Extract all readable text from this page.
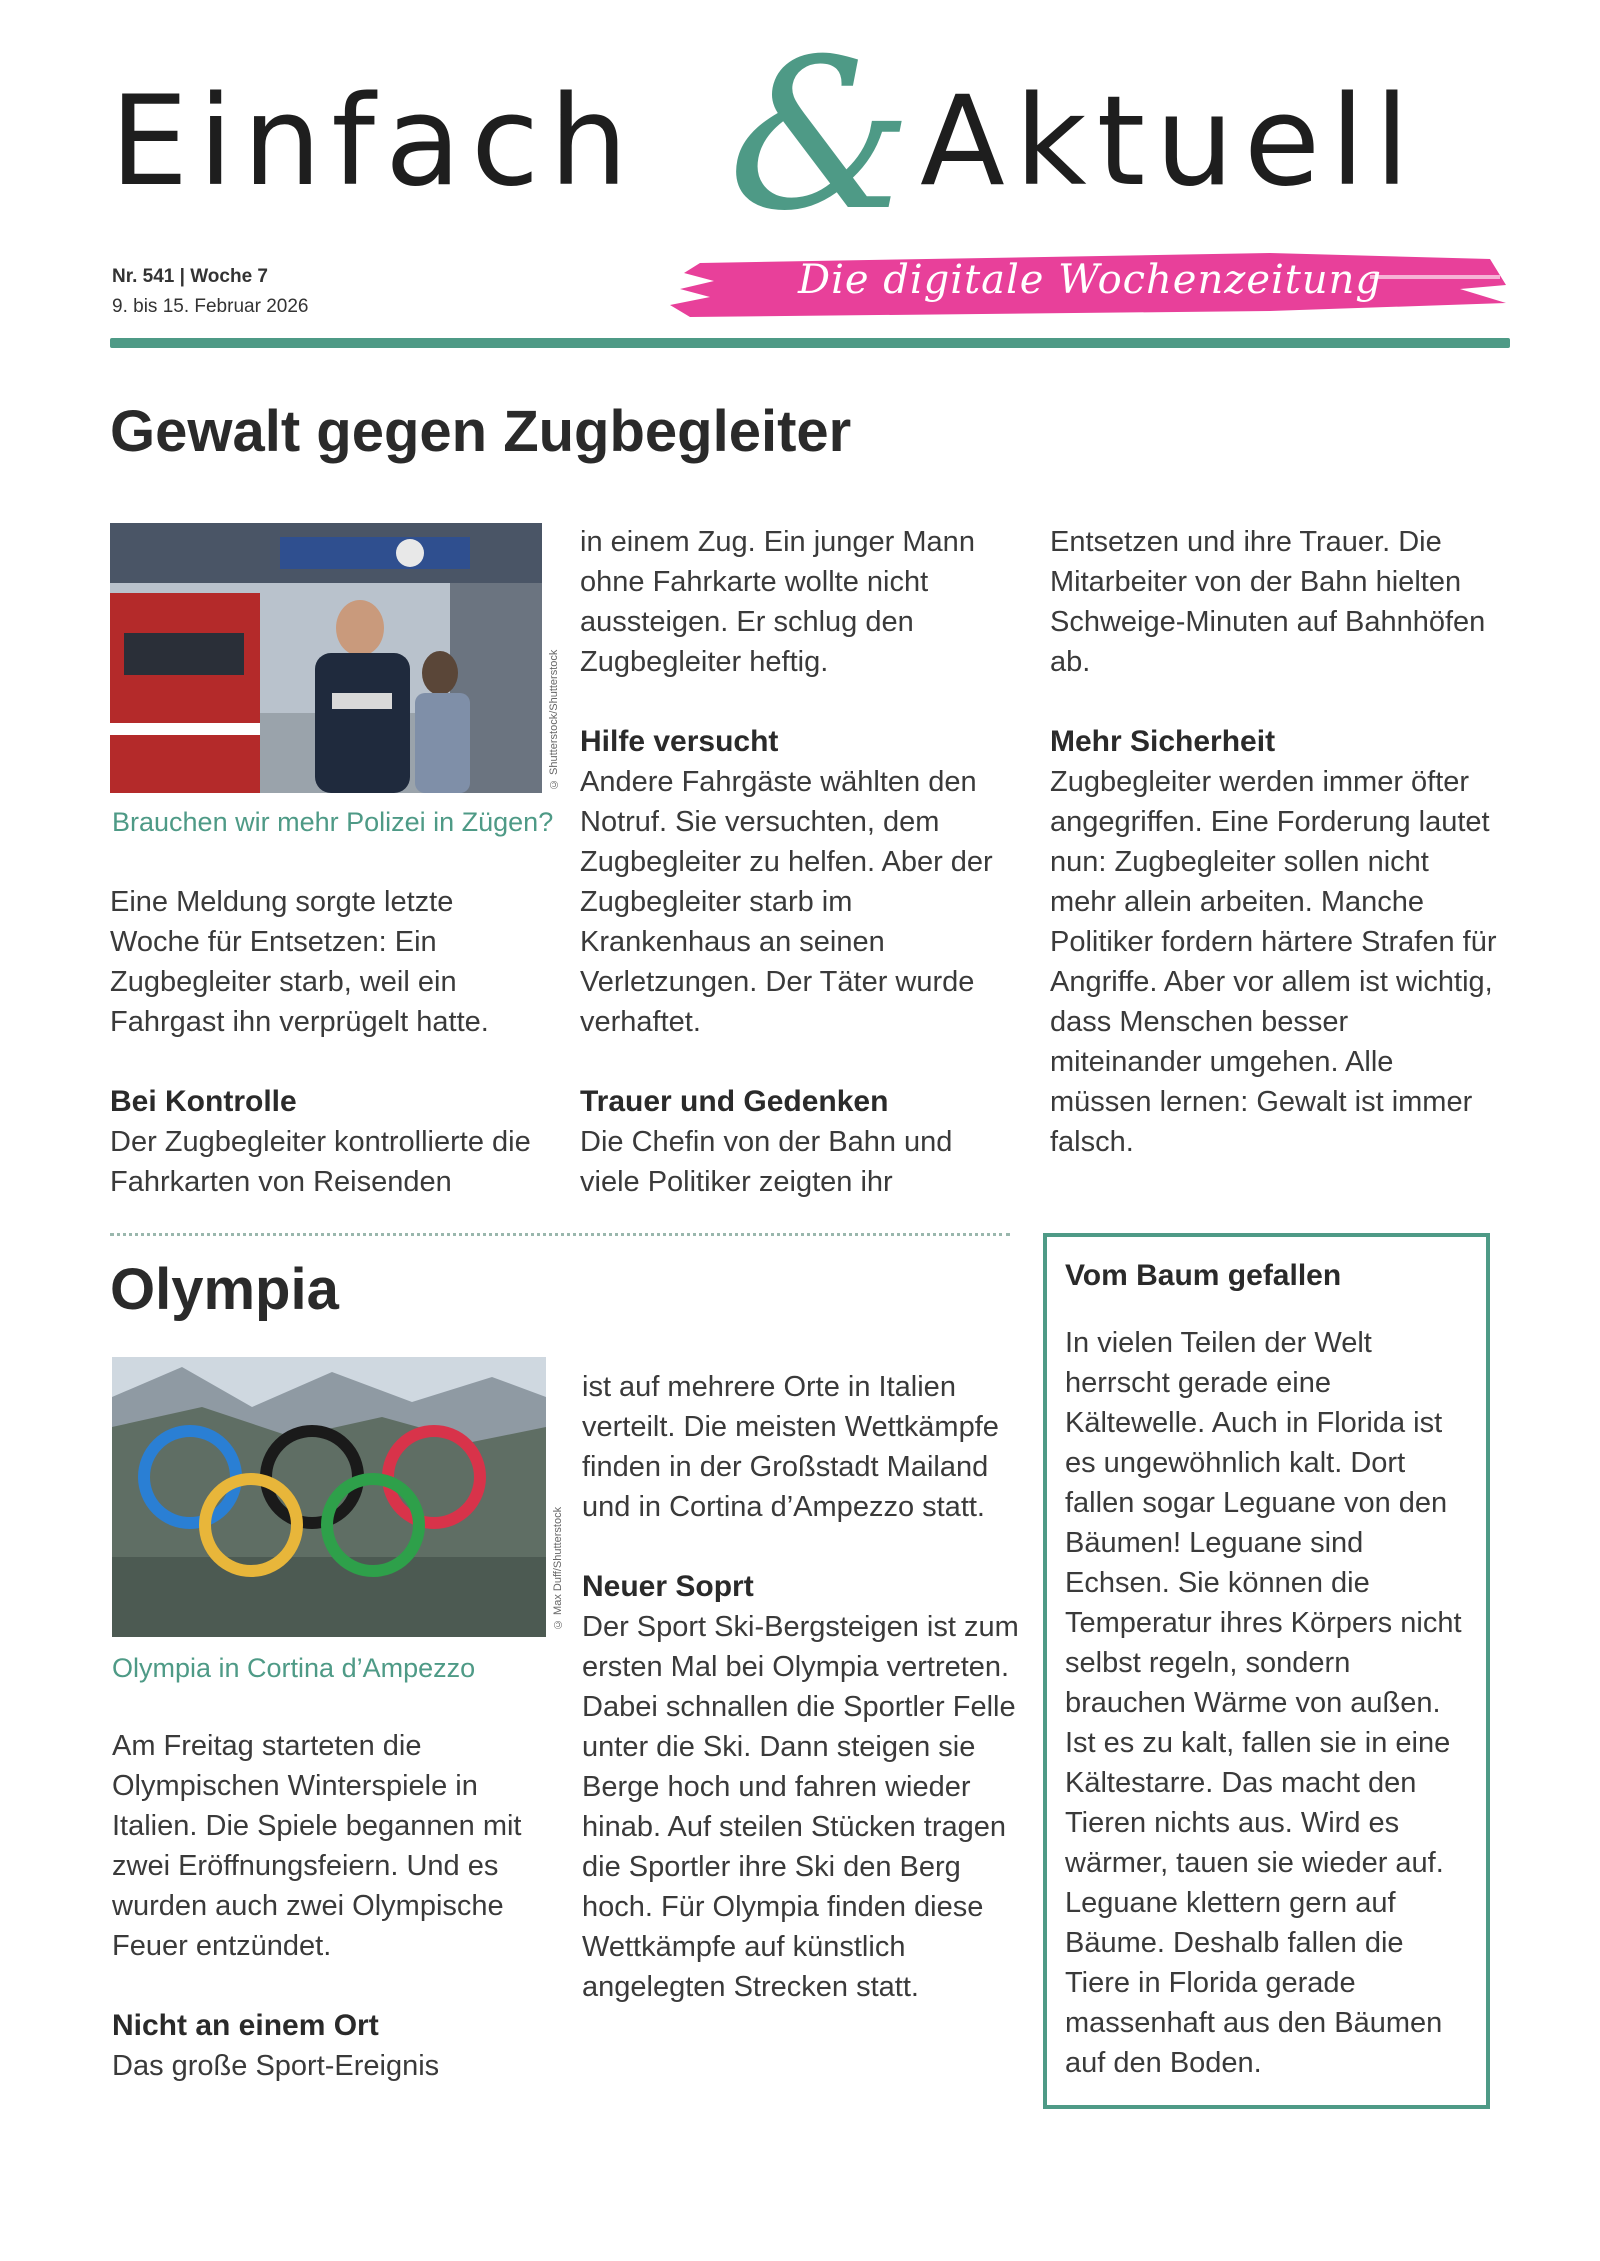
Einfach & Aktuell
Nr. 541 | Woche 7
9. bis 15. Februar 2026
Die digitale Wochenzeitung
Gewalt gegen Zugbegleiter
© Shutterstock/Shutterstock
Brauchen wir mehr Polizei in Zügen?

Eine Meldung sorgte letzte Woche für Entsetzen: Ein Zugbegleiter starb, weil ein Fahrgast ihn verprügelt hatte.

Bei Kontrolle

Der Zugbegleiter kontrollierte die Fahrkarten von Reisenden

in einem Zug. Ein junger Mann ohne Fahrkarte wollte nicht aussteigen. Er schlug den Zugbegleiter heftig.

Hilfe versucht

Andere Fahrgäste wählten den Notruf. Sie versuchten, dem Zugbegleiter zu helfen. Aber der Zugbegleiter starb im Krankenhaus an seinen Verletzungen. Der Täter wurde verhaftet.

Trauer und Gedenken

Die Chefin von der Bahn und viele Politiker zeigten ihr

Entsetzen und ihre Trauer. Die Mitarbeiter von der Bahn hielten Schweige-Minuten auf Bahnhöfen ab.

Mehr Sicherheit

Zugbegleiter werden immer öfter angegriffen. Eine Forderung lautet nun: Zugbegleiter sollen nicht mehr allein arbeiten. Manche Politiker fordern härtere Strafen für Angriffe. Aber vor allem ist wichtig, dass Menschen besser miteinander umgehen. Alle müssen lernen: Gewalt ist immer falsch.

Olympia
© Max Duff/Shutterstock
Olympia in Cortina d’Ampezzo

Am Freitag starteten die Olympischen Winterspiele in Italien. Die Spiele begannen mit zwei Eröffnungsfeiern. Und es wurden auch zwei Olympische Feuer entzündet.

Nicht an einem Ort

Das große Sport-Ereignis

ist auf mehrere Orte in Italien verteilt. Die meisten Wettkämpfe finden in der Großstadt Mailand und in Cortina d’Ampezzo statt.

Neuer Soprt

Der Sport Ski-Bergsteigen ist zum ersten Mal bei Olympia vertreten. Dabei schnallen die Sportler Felle unter die Ski. Dann steigen sie Berge hoch und fahren wieder hinab. Auf steilen Stücken tragen die Sportler ihre Ski den Berg hoch. Für Olympia finden diese Wettkämpfe auf künstlich angelegten Strecken statt.

Vom Baum gefallen
In vielen Teilen der Welt herrscht gerade eine Kältewelle. Auch in Florida ist es ungewöhnlich kalt. Dort fallen sogar Leguane von den Bäumen! Leguane sind Echsen. Sie können die Temperatur ihres Körpers nicht selbst regeln, sondern brauchen Wärme von außen. Ist es zu kalt, fallen sie in eine Kältestarre. Das macht den Tieren nichts aus. Wird es wärmer, tauen sie wieder auf. Leguane klettern gern auf Bäume. Deshalb fallen die Tiere in Florida gerade massenhaft aus den Bäumen auf den Boden.
